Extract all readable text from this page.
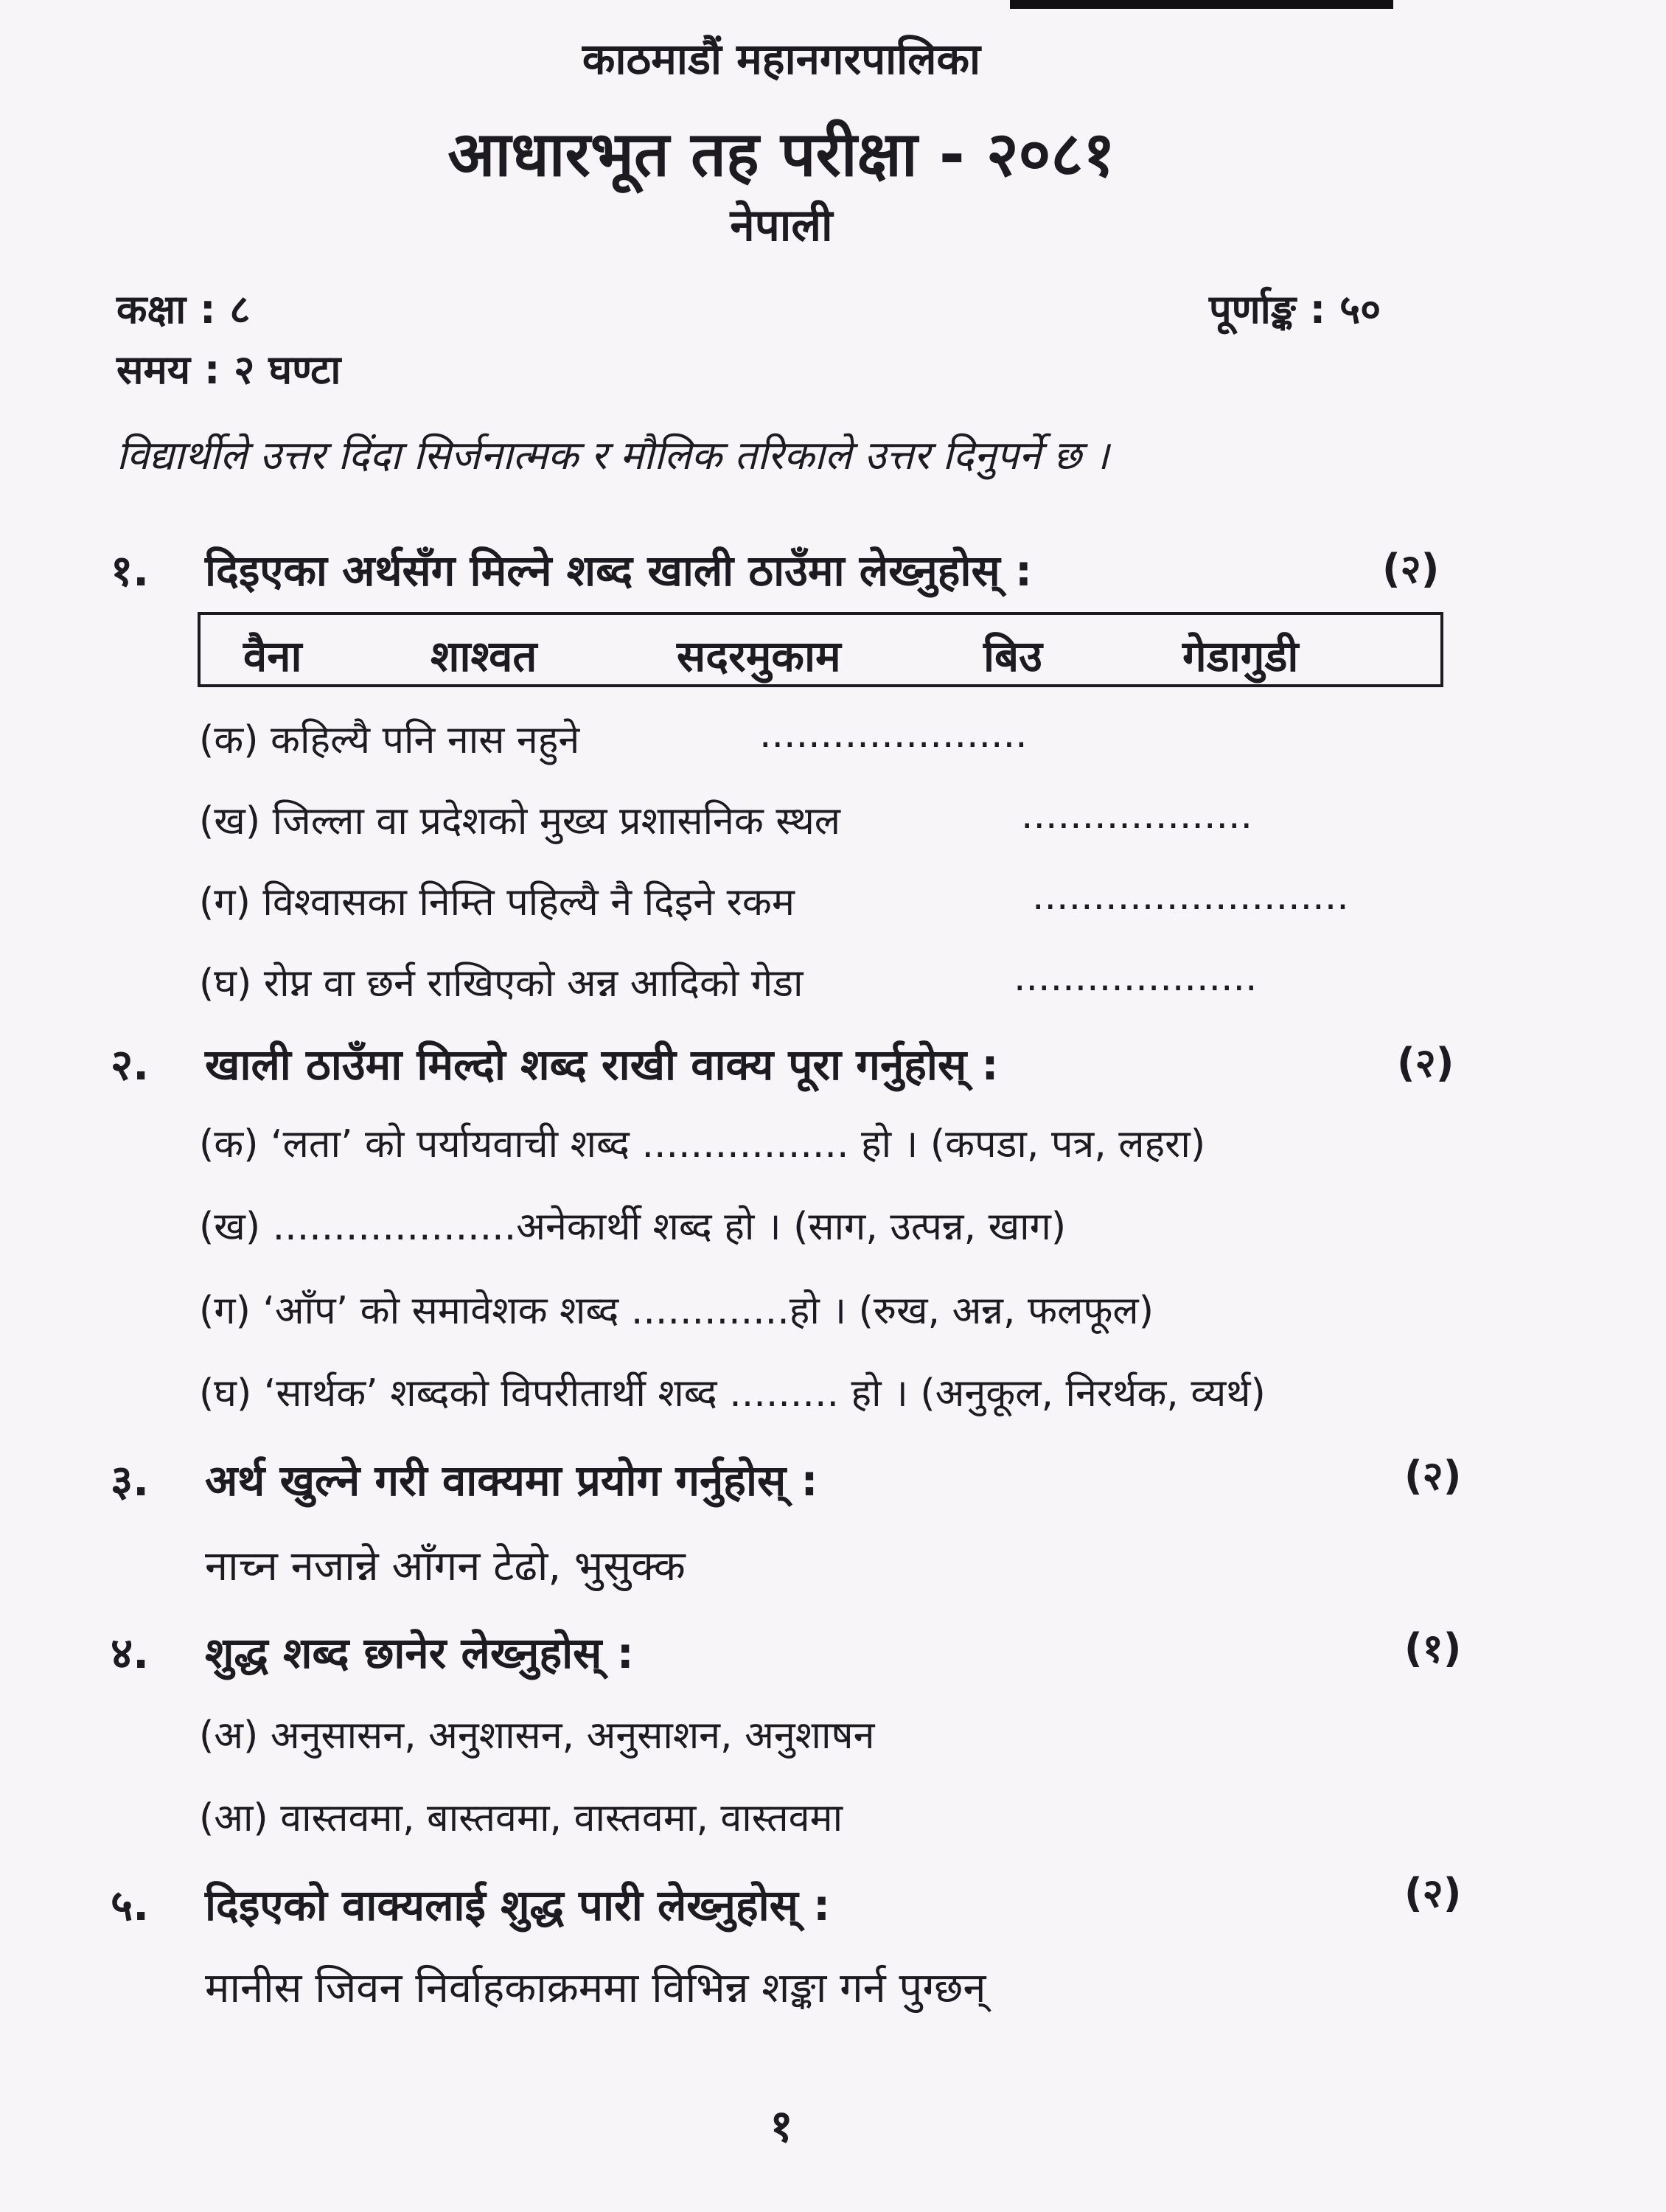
काठमाडौं महानगरपालिका
आधारभूत तह परीक्षा - २०८१
नेपाली
कक्षा : ८	पूर्णाङ्क : ५०
समय : २ घण्टा
विद्यार्थीले उत्तर दिंदा सिर्जनात्मक र मौलिक तरिकाले उत्तर दिनुपर्ने छ ।
१. दिइएका अर्थसँग मिल्ने शब्द खाली ठाउँमा लेख्नुहोस् :	(२)
वैना	शाश्वत	सदरमुकाम	बिउ	गेडागुडी
(क) कहिल्यै पनि नास नहुने	......................
(ख) जिल्ला वा प्रदेशको मुख्य प्रशासनिक स्थल	...................
(ग) विश्वासका निम्ति पहिल्यै नै दिइने रकम	..........................
(घ) रोप्न वा छर्न राखिएको अन्न आदिको गेडा	....................
२. खाली ठाउँमा मिल्दो शब्द राखी वाक्य पूरा गर्नुहोस् :	(२)
(क) ‘लता’ को पर्यायवाची शब्द ................. हो । (कपडा, पत्र, लहरा)
(ख) ....................अनेकार्थी शब्द हो । (साग, उत्पन्न, खाग)
(ग) ‘आँप’ को समावेशक शब्द .............हो । (रुख, अन्न, फलफूल)
(घ) ‘सार्थक’ शब्दको विपरीतार्थी शब्द ......... हो । (अनुकूल, निरर्थक, व्यर्थ)
३. अर्थ खुल्ने गरी वाक्यमा प्रयोग गर्नुहोस् :	(२)
नाच्न नजान्ने आँगन टेढो, भुसुक्क
४. शुद्ध शब्द छानेर लेख्नुहोस् :	(१)
(अ) अनुसासन, अनुशासन, अनुसाशन, अनुशाषन
(आ) वास्तवमा, बास्तवमा, वास्तवमा, वास्तवमा
५. दिइएको वाक्यलाई शुद्ध पारी लेख्नुहोस् :	(२)
मानीस जिवन निर्वाहकाक्रममा विभिन्न शङ्का गर्न पुग्छन्
१
